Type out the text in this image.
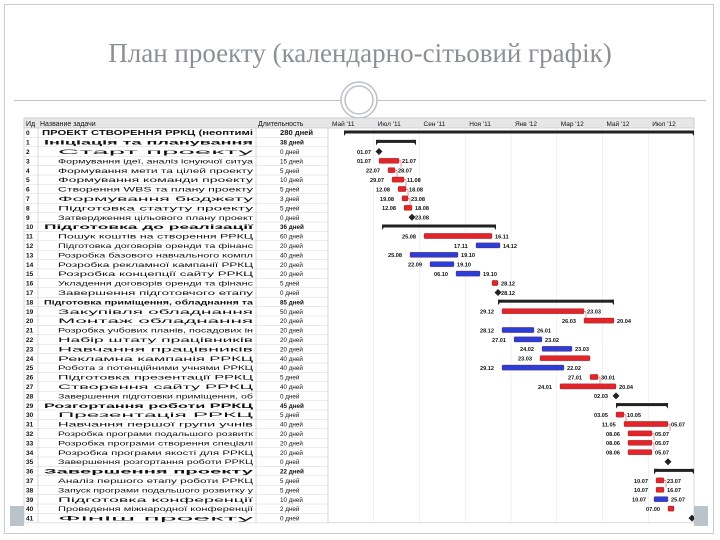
План проекту (календарно-сітьовий графік)
Ид Название задачи	Длительность	Май '11	Июл '11	Сен '11	Ноя '11	Янв '12	Мар '12	Май '12	Июл '12
0 ПРОЕКТ СТВОРЕННЯ РРКЦ (неоптимі	280 дней
1 Ініціація та планування	38 дней
2	Старт проекту	0 дней
3	Формування ідеї, аналіз існуючої ситуа	15 дней
4	Формування мети та цілей проекту	5 дней
5	Формування команди проекту	10 дней
6	Створення WBS та плану проекту	5 дней
7	Формування бюджету	3 дней
8	Підготовка статуту проекту	5 дней
9	Затвердження цільового плану проект	0 дней
10 Підготовка до реалізації	36 дней
11	Пошук коштів на створення РРКЦ	60 дней
12	Підготовка договорів оренди та фінанс	20 дней
13	Розробка базового навчального компл	40 дней
14	Розробка рекламної кампанії РРКЦ	20 дней
15	Розробка концепції сайту РРКЦ	20 дней
16	Укладення договорів оренди та фінанс	5 дней
17	Завершення підготовчого етапу	0 дней
18 Підготовка приміщення, обладнання та	85 дней
19	Закупівля обладнання	50 дней
20	Монтаж обладнання	20 дней
21	Розробка учбових планів, посадових ін	20 дней
22	Набір штату працівників	20 дней
23	Навчання працівників	20 дней
24	Рекламна кампанія РРКЦ	40 дней
25	Робота з потенційними учнями РРКЦ	40 дней
26	Підготовка презентації РРКЦ	5 дней
27	Створення сайту РРКЦ	40 дней
28	Завершення підготовки приміщення, об	0 дней
29 Розгортання роботи РРКЦ	45 дней
30	Презентація РРКЦ	5 дней
31	Навчання першої групи учнів	40 дней
32	Розробка програми подальшого розвитк	20 дней
33	Розробка програми створення спеціалі	20 дней
34	Розробка програми якості для РРКЦ	20 дней
35	Завершення розгортання роботи РРКЦ	0 дней
36 Завершення проекту	22 дней
37	Аналіз першого етапу роботи РРКЦ	5 дней
38	Запуск програми подальшого розвитку у	5 дней
39	Підготовка конференції	10 дней
40	Проведення міжнародної конференції	2 дней
41	Фініш проекту	0 дней
01.07
01.07	21.07
22.07	28.07
29.07	11.08
12.08	18.08
19.08	23.08
12.08	18.08
23.08
25.08	16.11
17.11	14.12
25.08	19.10
22.09	19.10
06.10	19.10
28.12
28.12
29.12	23.03
26.03	20.04
28.12	26.01
27.01	23.02
24.02	23.03
23.03
29.12	22.02
27.01	30.01
24.01	20.04
02.03
03.05	10.05
11.05	05.07
08.06	05.07
08.06	05.07
08.06	05.07
10.07	23.07
10.07	16.07
10.07	25.07
07.00
